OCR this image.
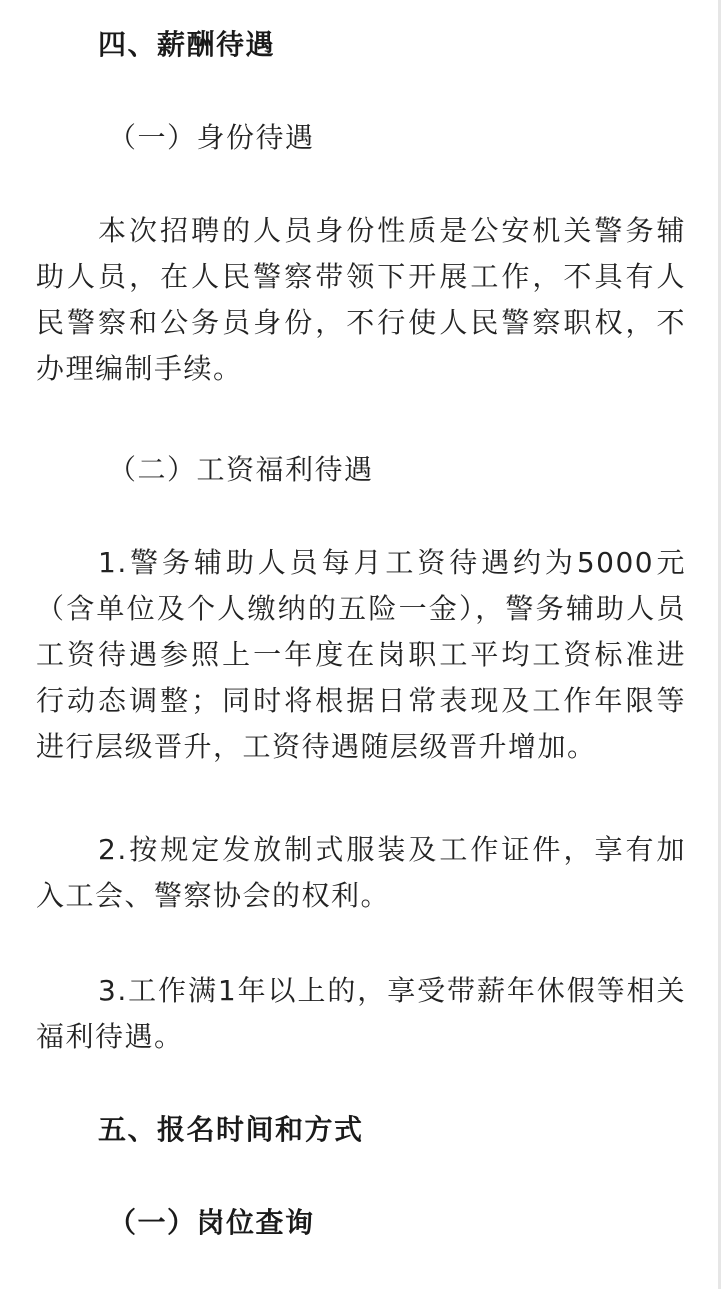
四、薪酬待遇
（一）身份待遇
本次招聘的人员身份性质是公安机关警务辅
助人员，在人民警察带领下开展工作，不具有人
民警察和公务员身份，不行使人民警察职权，不
办理编制手续。
（二）工资福利待遇
1.警务辅助人员每月工资待遇约为5000元
（含单位及个人缴纳的五险一金），警务辅助人员
工资待遇参照上一年度在岗职工平均工资标准进
行动态调整；同时将根据日常表现及工作年限等
进行层级晋升，工资待遇随层级晋升增加。
2.按规定发放制式服装及工作证件，享有加
入工会、警察协会的权利。
3.工作满1年以上的，享受带薪年休假等相关
福利待遇。
五、报名时间和方式
（一）岗位查询
